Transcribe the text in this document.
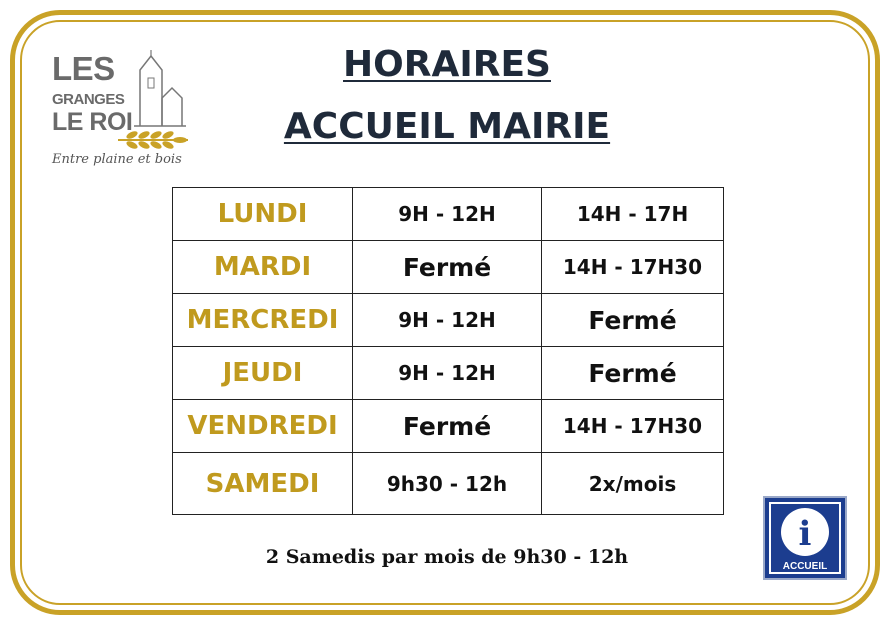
LES
GRANGES
LE ROI
Entre plaine et bois
HORAIRES
ACCUEIL MAIRIE
LUNDI	9H - 12H	14H - 17H
MARDI	Fermé	14H - 17H30
MERCREDI	9H - 12H	Fermé
JEUDI	9H - 12H	Fermé
VENDREDI	Fermé	14H - 17H30
SAMEDI	9h30 - 12h	2x/mois
2 Samedis par mois de 9h30 - 12h
i
ACCUEIL
